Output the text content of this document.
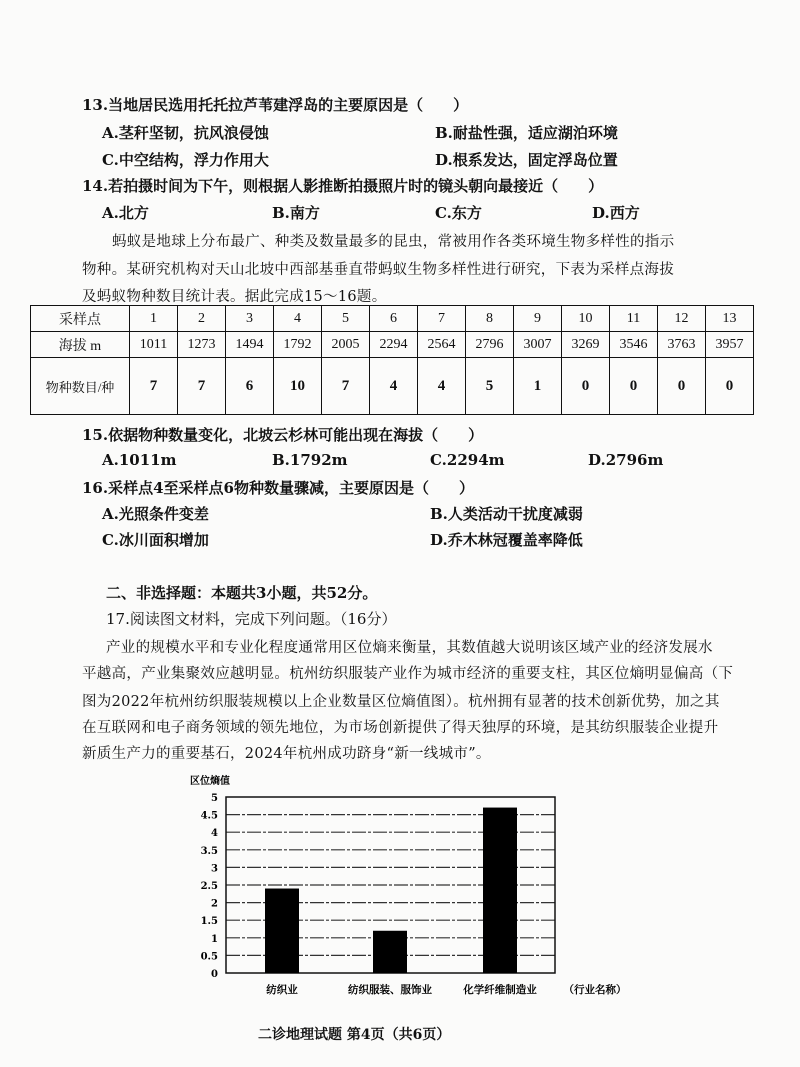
13.当地居民选用托托拉芦苇建浮岛的主要原因是（　　）
A.茎秆坚韧，抗风浪侵蚀	B.耐盐性强，适应湖泊环境
C.中空结构，浮力作用大	D.根系发达，固定浮岛位置
14.若拍摄时间为下午，则根据人影推断拍摄照片时的镜头朝向最接近（　　）
A.北方	B.南方	C.东方	D.西方
蚂蚁是地球上分布最广、种类及数量最多的昆虫，常被用作各类环境生物多样性的指示
物种。某研究机构对天山北坡中西部基垂直带蚂蚁生物多样性进行研究，下表为采样点海拔
及蚂蚁物种数目统计表。据此完成15～16题。
采样点	1	2	3	4	5	6	7	8	9	10	11	12	13
海拔 m	1011	1273	1494	1792	2005	2294	2564	2796	3007	3269	3546	3763	3957
物种数目/种	7	7	6	10	7	4	4	5	1	0	0	0	0
15.依据物种数量变化，北坡云杉林可能出现在海拔（　　）
A.1011m	B.1792m	C.2294m	D.2796m
16.采样点4至采样点6物种数量骤减，主要原因是（　　）
A.光照条件变差	B.人类活动干扰度减弱
C.冰川面积增加	D.乔木林冠覆盖率降低
二、非选择题：本题共3小题，共52分。
17.阅读图文材料，完成下列问题。（16分）
产业的规模水平和专业化程度通常用区位熵来衡量，其数值越大说明该区域产业的经济发展水
平越高，产业集聚效应越明显。杭州纺织服装产业作为城市经济的重要支柱，其区位熵明显偏高（下
图为2022年杭州纺织服装规模以上企业数量区位熵值图）。杭州拥有显著的技术创新优势，加之其
在互联网和电子商务领域的领先地位，为市场创新提供了得天独厚的环境，是其纺织服装企业提升
新质生产力的重要基石，2024年杭州成功跻身“新一线城市”。
区位熵值
0
0.5
1
1.5
2
2.5
3
3.5
4
4.5
5
纺织业	纺织服装、服饰业	化学纤维制造业	（行业名称）
二诊地理试题 第4页（共6页）
